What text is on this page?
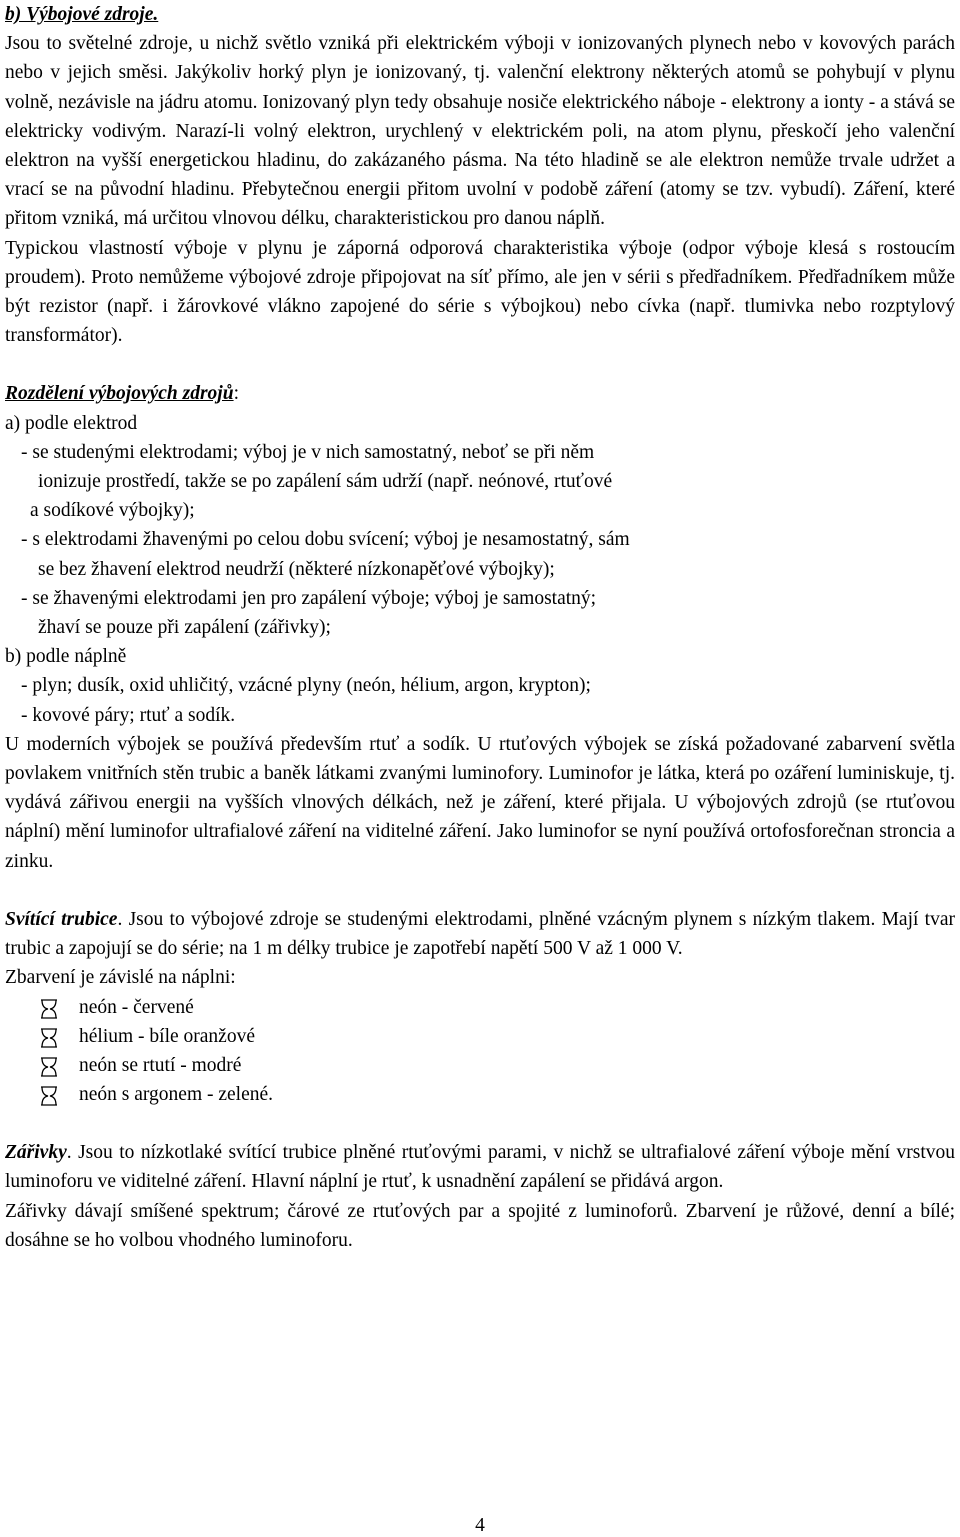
b) Výbojové zdroje.

Jsou to světelné zdroje, u nichž světlo vzniká při elektrickém výboji v ionizovaných plynech nebo v kovových parách nebo v jejich směsi. Jakýkoliv horký plyn je ionizovaný, tj. valenční elektrony některých atomů se pohybují v plynu volně, nezávisle na jádru atomu. Ionizovaný plyn tedy obsahuje nosiče elektrického náboje - elektrony a ionty - a stává se elektricky vodivým. Narazí-li volný elektron, urychlený v elektrickém poli, na atom plynu, přeskočí jeho valenční elektron na vyšší energetickou hladinu, do zakázaného pásma. Na této hladině se ale elektron nemůže trvale udržet a vrací se na původní hladinu. Přebytečnou energii přitom uvolní v podobě záření (atomy se tzv. vybudí). Záření, které přitom vzniká, má určitou vlnovou délku, charakteristickou pro danou náplň.

Typickou vlastností výboje v plynu je záporná odporová charakteristika výboje (odpor výboje klesá s rostoucím proudem). Proto nemůžeme výbojové zdroje připojovat na síť přímo, ale jen v sérii s předřadníkem. Předřadníkem může být rezistor (např. i žárovkové vlákno zapojené do série s výbojkou) nebo cívka (např. tlumivka nebo rozptylový transformátor).

Rozdělení výbojových zdrojů:

a) podle elektrod

- se studenými elektrodami; výboj je v nich samostatný, neboť se při něm

ionizuje prostředí, takže se po zapálení sám udrží (např. neónové, rtuťové

a sodíkové výbojky);

- s elektrodami žhavenými po celou dobu svícení; výboj je nesamostatný, sám

se bez žhavení elektrod neudrží (některé nízkonapěťové výbojky);

- se žhavenými elektrodami jen pro zapálení výboje; výboj je samostatný;

žhaví se pouze při zapálení (zářivky);

b) podle náplně

- plyn; dusík, oxid uhličitý, vzácné plyny (neón, hélium, argon, krypton);

- kovové páry; rtuť a sodík.

U moderních výbojek se používá především rtuť a sodík. U rtuťových výbojek se získá požadované zabarvení světla povlakem vnitřních stěn trubic a baněk látkami zvanými luminofory. Luminofor je látka, která po ozáření luminiskuje, tj. vydává zářivou energii na vyšších vlnových délkách, než je záření, které přijala. U výbojových zdrojů (se rtuťovou náplní) mění luminofor ultrafialové záření na viditelné záření. Jako luminofor se nyní používá ortofosforečnan stroncia a zinku.

Svítící trubice. Jsou to výbojové zdroje se studenými elektrodami, plněné vzácným plynem s nízkým tlakem. Mají tvar trubic a zapojují se do série; na 1 m délky trubice je zapotřebí napětí 500 V až 1 000 V.

Zbarvení je závislé na náplni:

neón - červené
hélium - bíle oranžové
neón se rtutí - modré
neón s argonem - zelené.

Zářivky. Jsou to nízkotlaké svítící trubice plněné rtuťovými parami, v nichž se ultrafialové záření výboje mění vrstvou luminoforu ve viditelné záření. Hlavní náplní je rtuť, k usnadnění zapálení se přidává argon.

Zářivky dávají smíšené spektrum; čárové ze rtuťových par a spojité z luminoforů. Zbarvení je růžové, denní a bílé; dosáhne se ho volbou vhodného luminoforu.

4
